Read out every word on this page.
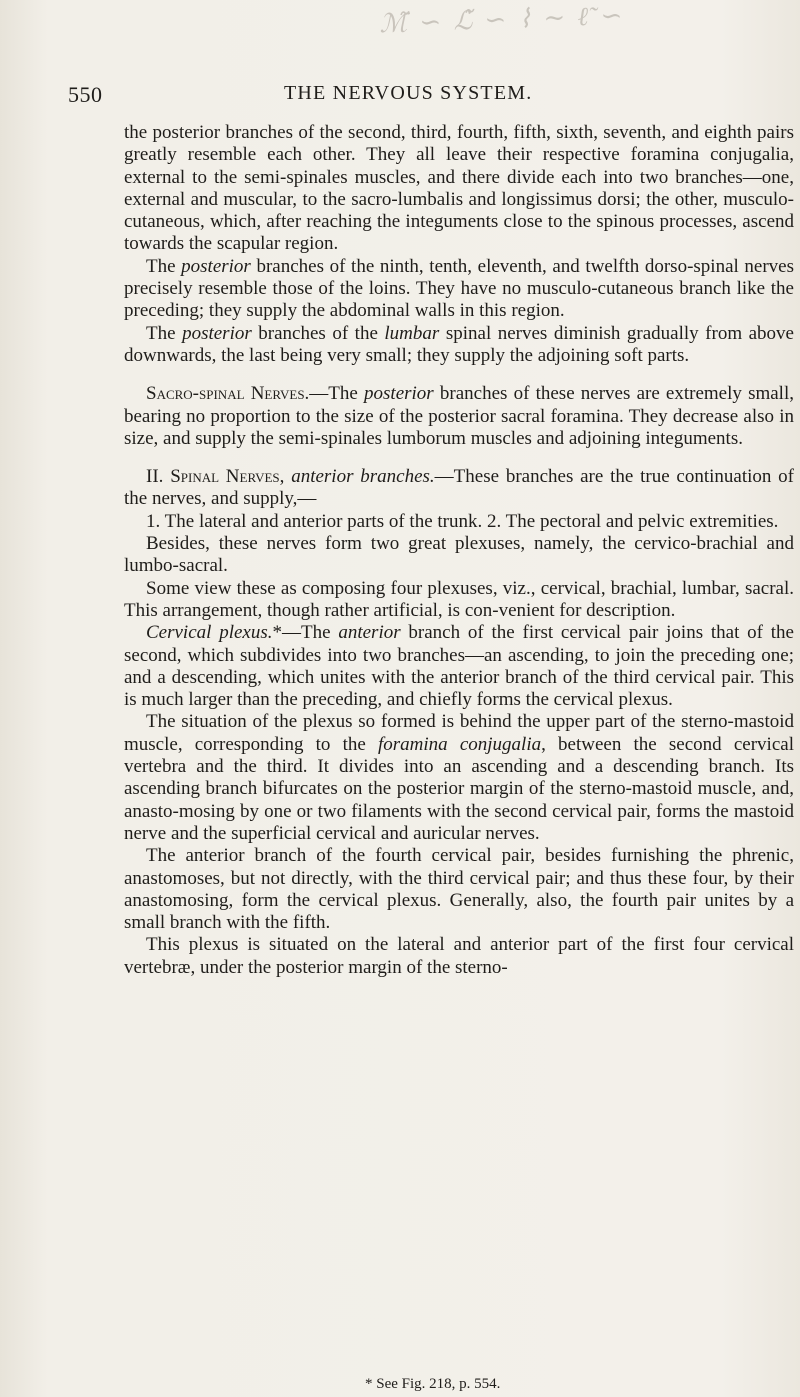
ℳ̃ ∽ ℒ̃ ∽ ⌇ ∼ ℓ̃ ∽
550	THE NERVOUS SYSTEM.

the posterior branches of the second, third, fourth, fifth, sixth, seventh, and eighth pairs greatly resemble each other. They all leave their respective foramina conjugalia, external to the semi-spinales muscles, and there divide each into two branches—one, external and muscular, to the sacro-lumbalis and longissimus dorsi; the other, musculo-cutaneous, which, after reaching the integuments close to the spinous processes, ascend towards the scapular region.

The posterior branches of the ninth, tenth, eleventh, and twelfth dorso-spinal nerves precisely resemble those of the loins. They have no musculo-cutaneous branch like the preceding; they supply the abdominal walls in this region.

The posterior branches of the lumbar spinal nerves diminish gradually from above downwards, the last being very small; they supply the adjoining soft parts.

Sacro-spinal Nerves.—The posterior branches of these nerves are extremely small, bearing no proportion to the size of the posterior sacral foramina. They decrease also in size, and supply the semi-spinales lumborum muscles and adjoining integuments.

II. Spinal Nerves, anterior branches.—These branches are the true continuation of the nerves, and supply,—

1. The lateral and anterior parts of the trunk. 2. The pectoral and pelvic extremities.

Besides, these nerves form two great plexuses, namely, the cervico-brachial and lumbo-sacral.

Some view these as composing four plexuses, viz., cervical, brachial, lumbar, sacral. This arrangement, though rather artificial, is con-venient for description.

Cervical plexus.*—The anterior branch of the first cervical pair joins that of the second, which subdivides into two branches—an ascending, to join the preceding one; and a descending, which unites with the anterior branch of the third cervical pair. This is much larger than the preceding, and chiefly forms the cervical plexus.

The situation of the plexus so formed is behind the upper part of the sterno-mastoid muscle, corresponding to the foramina conjugalia, between the second cervical vertebra and the third. It divides into an ascending and a descending branch. Its ascending branch bifurcates on the posterior margin of the sterno-mastoid muscle, and, anasto-mosing by one or two filaments with the second cervical pair, forms the mastoid nerve and the superficial cervical and auricular nerves.

The anterior branch of the fourth cervical pair, besides furnishing the phrenic, anastomoses, but not directly, with the third cervical pair; and thus these four, by their anastomosing, form the cervical plexus. Generally, also, the fourth pair unites by a small branch with the fifth.

This plexus is situated on the lateral and anterior part of the first four cervical vertebræ, under the posterior margin of the sterno-

* See Fig. 218, p. 554.
